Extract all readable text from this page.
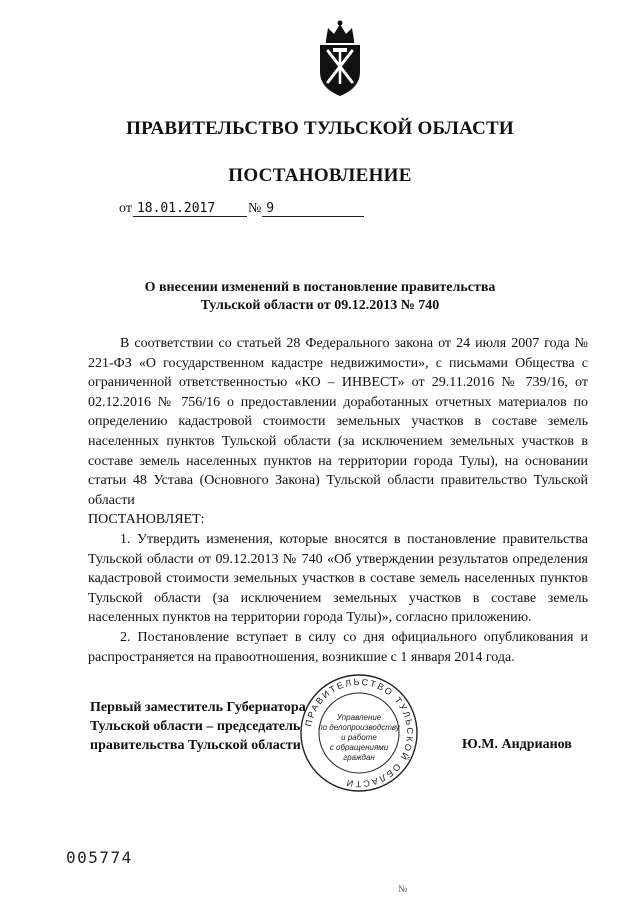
ПРАВИТЕЛЬСТВО ТУЛЬСКОЙ ОБЛАСТИ
ПОСТАНОВЛЕНИЕ
от 18.01.2017	№ 9
О внесении изменений в постановление правительства
Тульской области от 09.12.2013 № 740

В соответствии со статьей 28 Федерального закона от 24 июля 2007 года № 221-ФЗ «О государственном кадастре недвижимости», с письмами Общества с ограниченной ответственностью «КО – ИНВЕСТ» от 29.11.2016 № 739/16, от 02.12.2016 № 756/16 о предоставлении доработанных отчетных материалов по определению кадастровой стоимости земельных участков в составе земель населенных пунктов Тульской области (за исключением земельных участков в составе земель населенных пунктов на территории города Тулы), на основании статьи 48 Устава (Основного Закона) Тульской области правительство Тульской области

ПОСТАНОВЛЯЕТ:

1. Утвердить изменения, которые вносятся в постановление правительства Тульской области от 09.12.2013 № 740 «Об утверждении результатов определения кадастровой стоимости земельных участков в составе земель населенных пунктов Тульской области (за исключением земельных участков в составе земель населенных пунктов на территории города Тулы)», согласно приложению.

2. Постановление вступает в силу со дня официального опубликования и распространяется на правоотношения, возникшие с 1 января 2014 года.

Первый заместитель Губернатора
Тульской области – председатель
правительства Тульской области
ПРАВИТЕЛЬСТВО ТУЛЬСКОЙ ОБЛАСТИ
Управление
по делопроизводству
и работе
с обращениями
граждан
Ю.М. Андрианов
005774
№
